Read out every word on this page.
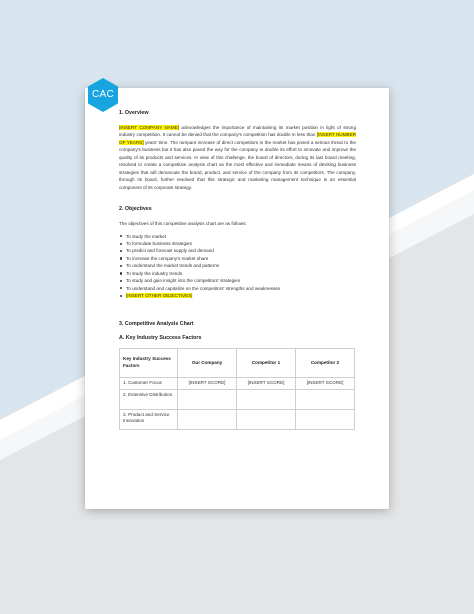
CAC
1. Overview

[INSERT COMPANY NAME] acknowledges the importance of maintaining its market position in light of strong industry competition. It cannot be denied that the company's competition has double in less than [INSERT NUMBER OF YEARS] years' time. The rampant increase of direct competitors in the market has posed a serious threat to the company's business but it has also paved the way for the company to double its effort to innovate and improve the quality of its products and services. In view of this challenge, the board of directors, during its last board meeting, resolved to create a competitive analysis chart as the most effective and immediate means of devising business strategies that will demarcate the brand, product, and service of the company from its competitors. The company, through its board, further resolved that this strategic and marketing management technique is an essential component of its corporate strategy.

2. Objectives

The objectives of this competitive analysis chart are as follows:

To study the market
To formulate business strategies
To predict and forecast supply and demand
To increase the company's market share
To understand the market trends and patterns
To study the industry trends
To study and gain insight into the competitors' strategies
To understand and capitalize on the competitors' strengths and weaknesses
[INSERT OTHER OBJECTIVES]
3. Competitive Analysis Chart
A. Key Industry Success Factors
Key Industry Success Factors	Our Company	Competitor 1	Competitor 2
1. Customer Focus	[INSERT SCORE]	[INSERT SCORE]	[INSERT SCORE]
2. Extensive Distribution			
3. Product and Service Innovation			
